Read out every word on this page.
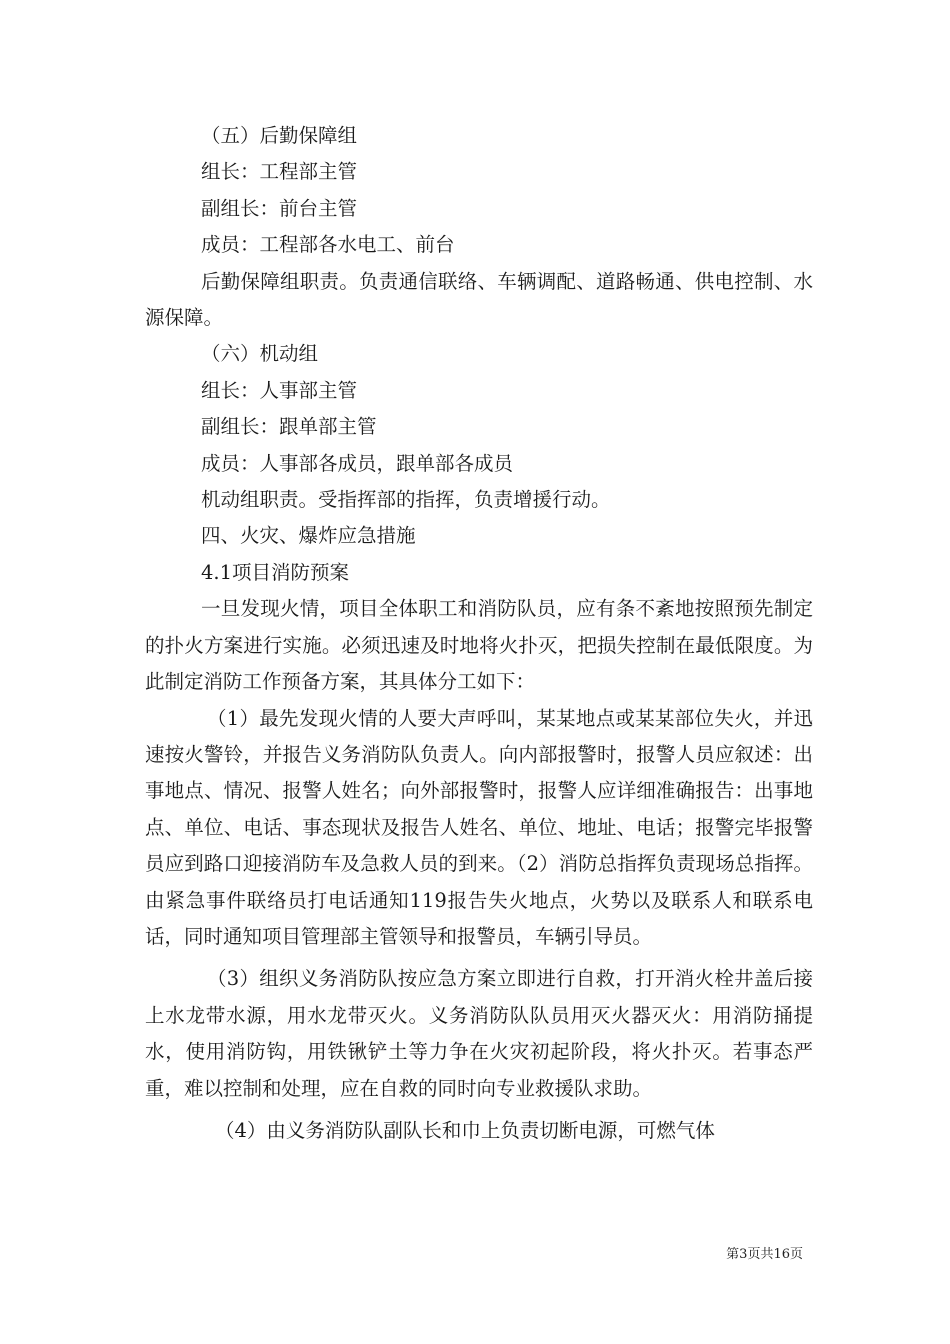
（五）后勤保障组

组长：工程部主管

副组长：前台主管

成员：工程部各水电工、前台

后勤保障组职责。负责通信联络、车辆调配、道路畅通、供电控制、水源保障。

（六）机动组

组长：人事部主管

副组长：跟单部主管

成员：人事部各成员，跟单部各成员

机动组职责。受指挥部的指挥，负责增援行动。

四、火灾、爆炸应急措施

4.1项目消防预案

一旦发现火情，项目全体职工和消防队员，应有条不紊地按照预先制定的扑火方案进行实施。必须迅速及时地将火扑灭，把损失控制在最低限度。为此制定消防工作预备方案，其具体分工如下：

（1）最先发现火情的人要大声呼叫，某某地点或某某部位失火，并迅速按火警铃，并报告义务消防队负责人。向内部报警时，报警人员应叙述：出事地点、情况、报警人姓名；向外部报警时，报警人应详细准确报告：出事地点、单位、电话、事态现状及报告人姓名、单位、地址、电话；报警完毕报警员应到路口迎接消防车及急救人员的到来。（2）消防总指挥负责现场总指挥。由紧急事件联络员打电话通知119报告失火地点，火势以及联系人和联系电话，同时通知项目管理部主管领导和报警员，车辆引导员。

（3）组织义务消防队按应急方案立即进行自救，打开消火栓井盖后接上水龙带水源，用水龙带灭火。义务消防队队员用灭火器灭火：用消防捅提水，使用消防钩，用铁锹铲土等力争在火灾初起阶段，将火扑灭。若事态严重，难以控制和处理，应在自救的同时向专业救援队求助。

（4）由义务消防队副队长和巾上负责切断电源，可燃气体

第3页共16页
